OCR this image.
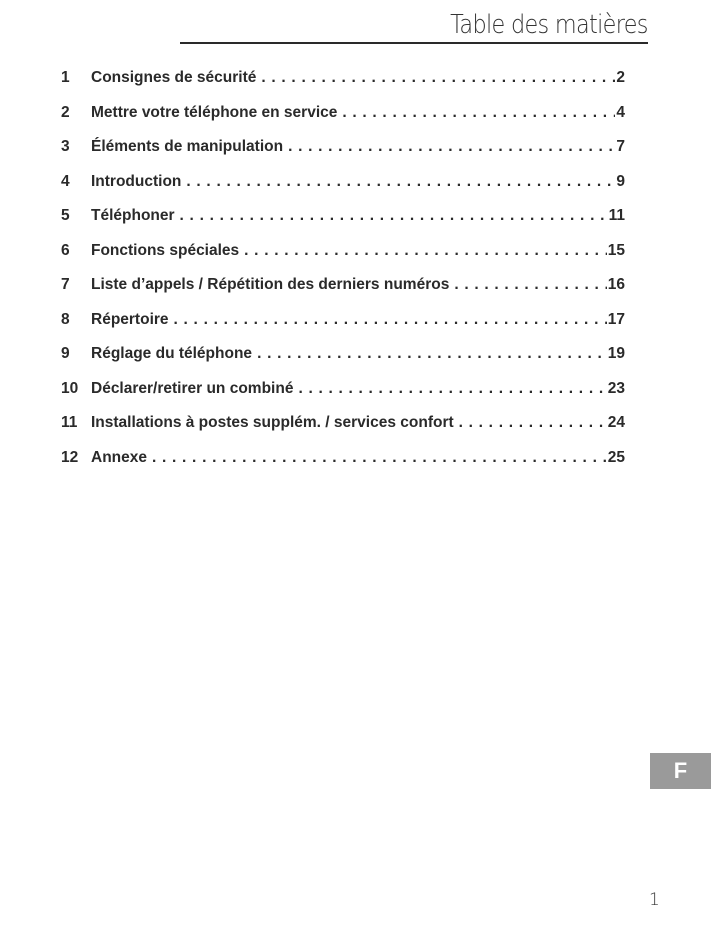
Table des matières
1	Consignes de sécurité . . .	2
2	Mettre votre téléphone en service . . .	4
3	Éléments de manipulation . . .	7
4	Introduction . . .	9
5	Téléphoner . . .	11
6	Fonctions spéciales . . .	15
7	Liste d’appels / Répétition des derniers numéros . . .	16
8	Répertoire . . .	17
9	Réglage du téléphone . . .	19
10 Déclarer/retirer un combiné . . .	23
11 Installations à postes supplém. / services confort . . .	24
12 Annexe . . .	25
F
1
